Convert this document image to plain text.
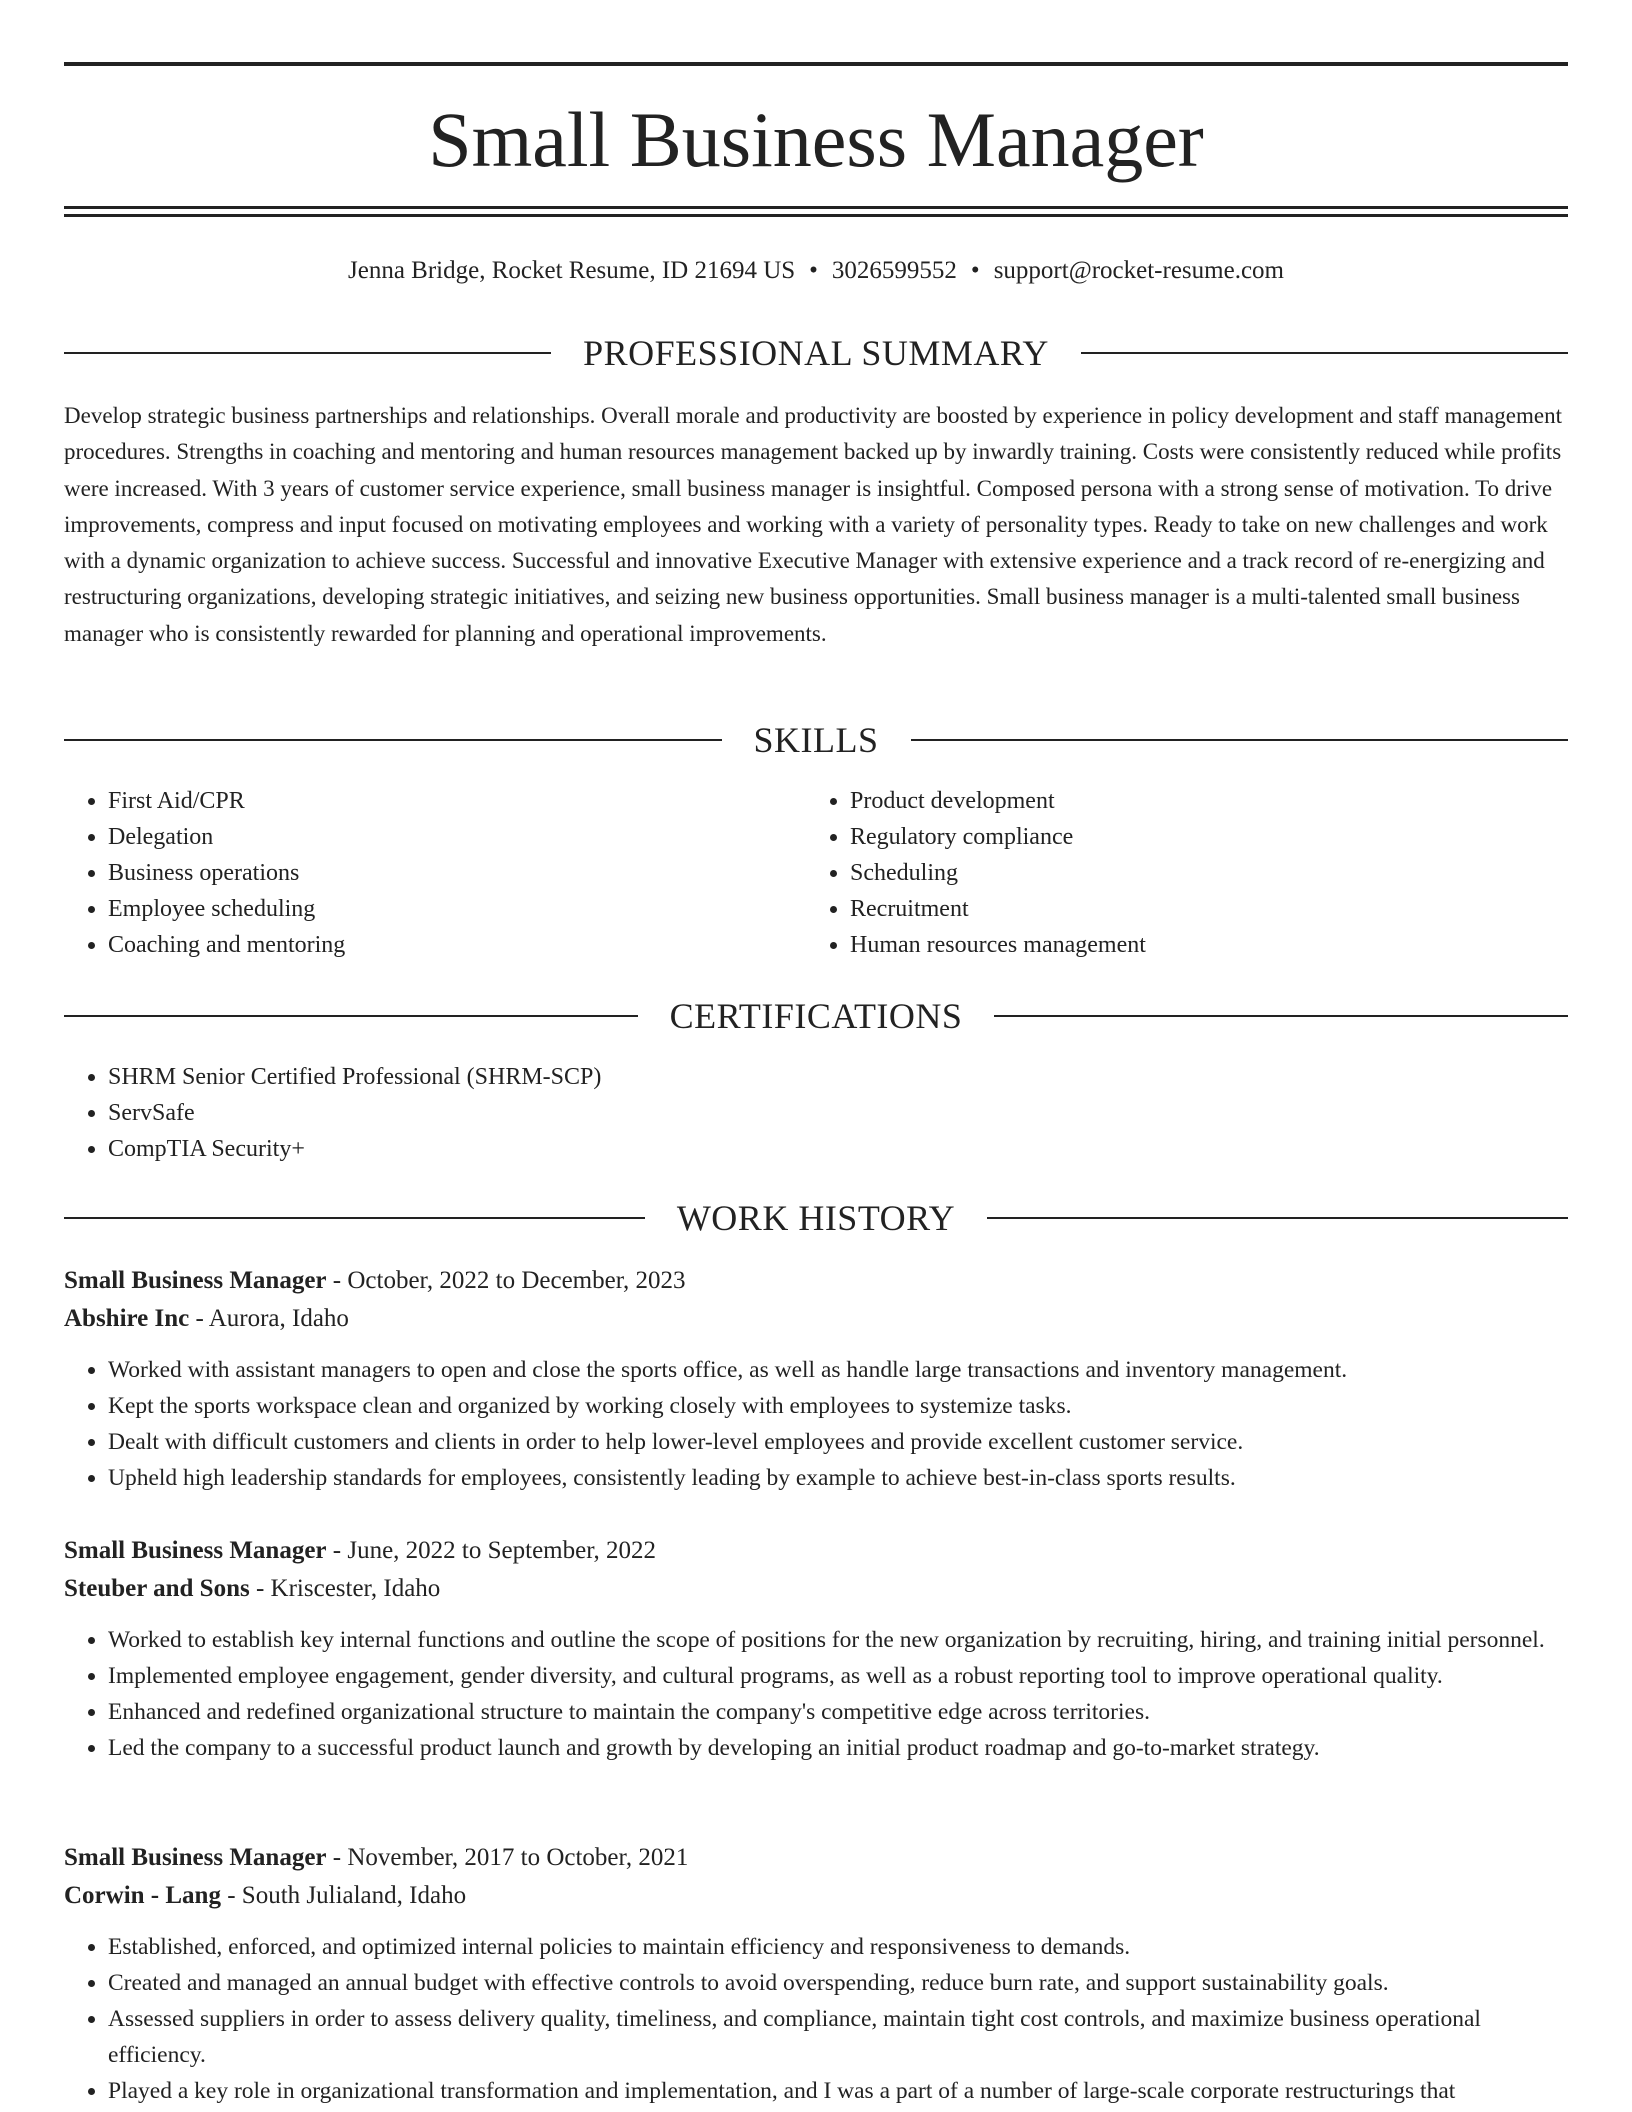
Small Business Manager
Jenna Bridge, Rocket Resume, ID 21694 US • 3026599552 • support@rocket-resume.com
PROFESSIONAL SUMMARY

Develop strategic business partnerships and relationships. Overall morale and productivity are boosted by experience in policy development and staff management procedures. Strengths in coaching and mentoring and human resources management backed up by inwardly training. Costs were consistently reduced while profits were increased. With 3 years of customer service experience, small business manager is insightful. Composed persona with a strong sense of motivation. To drive improvements, compress and input focused on motivating employees and working with a variety of personality types. Ready to take on new challenges and work with a dynamic organization to achieve success. Successful and innovative Executive Manager with extensive experience and a track record of re-energizing and restructuring organizations, developing strategic initiatives, and seizing new business opportunities. Small business manager is a multi-talented small business manager who is consistently rewarded for planning and operational improvements.

SKILLS
• First Aid/CPR
• Delegation
• Business operations
• Employee scheduling
• Coaching and mentoring
• Product development
• Regulatory compliance
• Scheduling
• Recruitment
• Human resources management
CERTIFICATIONS
• SHRM Senior Certified Professional (SHRM-SCP)
• ServSafe
• CompTIA Security+
WORK HISTORY
Small Business Manager - October, 2022 to December, 2023
Abshire Inc - Aurora, Idaho
• Worked with assistant managers to open and close the sports office, as well as handle large transactions and inventory management.
• Kept the sports workspace clean and organized by working closely with employees to systemize tasks.
• Dealt with difficult customers and clients in order to help lower-level employees and provide excellent customer service.
• Upheld high leadership standards for employees, consistently leading by example to achieve best-in-class sports results.
Small Business Manager - June, 2022 to September, 2022
Steuber and Sons - Kriscester, Idaho
• Worked to establish key internal functions and outline the scope of positions for the new organization by recruiting, hiring, and training initial personnel.
• Implemented employee engagement, gender diversity, and cultural programs, as well as a robust reporting tool to improve operational quality.
• Enhanced and redefined organizational structure to maintain the company's competitive edge across territories.
• Led the company to a successful product launch and growth by developing an initial product roadmap and go-to-market strategy.
Small Business Manager - November, 2017 to October, 2021
Corwin - Lang - South Julialand, Idaho
• Established, enforced, and optimized internal policies to maintain efficiency and responsiveness to demands.
• Created and managed an annual budget with effective controls to avoid overspending, reduce burn rate, and support sustainability goals.
• Assessed suppliers in order to assess delivery quality, timeliness, and compliance, maintain tight cost controls, and maximize business operational efficiency.
• Played a key role in organizational transformation and implementation, and I was a part of a number of large-scale corporate restructurings that
